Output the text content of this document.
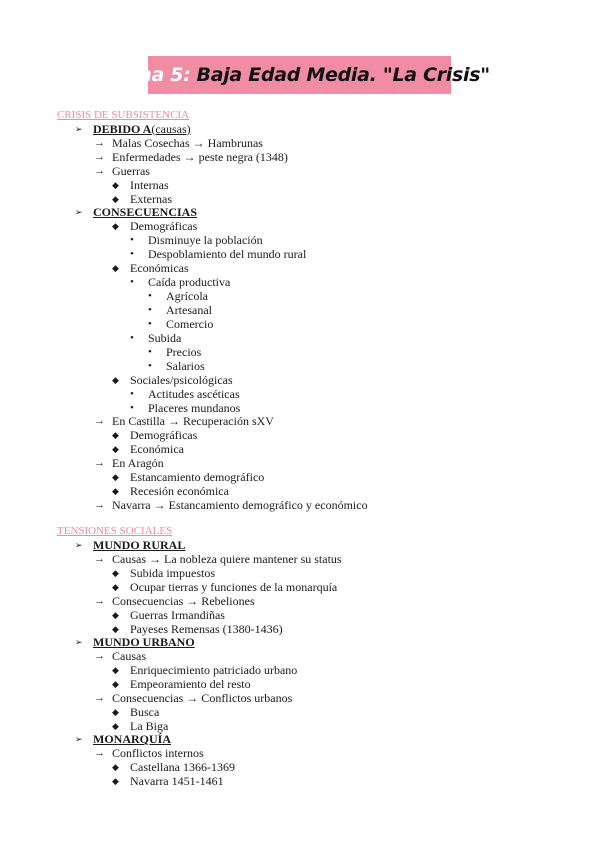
Tema 5: Baja Edad Media. "La Crisis"
CRISIS DE SUBSISTENCIA
➢ DEBIDO A(causas)
→ Malas Cosechas → Hambrunas
→ Enfermedades → peste negra (1348)
→ Guerras
◆ Internas
◆ Externas
➢ CONSECUENCIAS
◆ Demográficas
• Disminuye la población
• Despoblamiento del mundo rural
◆ Económicas
• Caída productiva
• Agrícola
• Artesanal
• Comercio
• Subida
• Precios
• Salarios
◆ Sociales/psicológicas
• Actitudes ascéticas
• Placeres mundanos
→ En Castilla → Recuperación sXV
◆ Demográficas
◆ Económica
→ En Aragón
◆ Estancamiento demográfico
◆ Recesión económica
→ Navarra → Estancamiento demográfico y económico
TENSIONES SOCIALES
➢ MUNDO RURAL
→ Causas → La nobleza quiere mantener su status
◆ Subida impuestos
◆ Ocupar tierras y funciones de la monarquía
→ Consecuencias → Rebeliones
◆ Guerras Irmandiñas
◆ Payeses Remensas (1380-1436)
➢ MUNDO URBANO
→ Causas
◆ Enriquecimiento patriciado urbano
◆ Empeoramiento del resto
→ Consecuencias → Conflictos urbanos
◆ Busca
◆ La Biga
➢ MONARQUÍA
→ Conflictos internos
◆ Castellana 1366-1369
◆ Navarra 1451-1461
